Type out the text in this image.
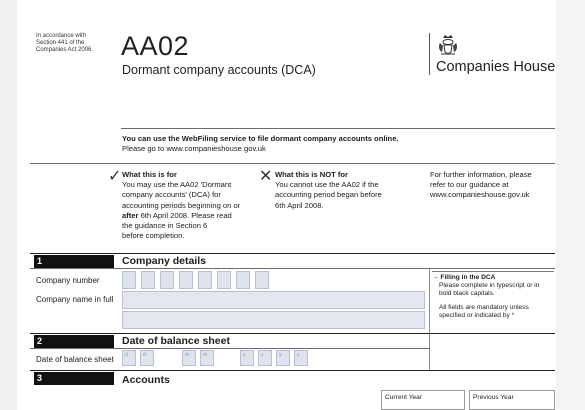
In accordance with
Section 441 of the
Companies Act 2006. AA02
Dormant company accounts (DCA)	Companies House
You can use the WebFiling service to file dormant company accounts online.
Please go to www.companieshouse.gov.uk
✓ What this is for
You may use the AA02 'Dormant
company accounts' (DCA) for
accounting periods beginning on or
after 6th April 2008. Please read
the guidance in Section 6
before completion.
✕ What this is NOT for
You cannot use the AA02 if the
accounting period began before
6th April 2008.
For further information, please
refer to our guidance at
www.companieshouse.gov.uk
1	Company details
Company number
Company name in full
→ Filling in the DCA
Please complete in typescript or in
bold black capitals.
All fields are mandatory unless
specified or indicated by *
2	Date of balance sheet
Date of balance sheet d	d	m	m	y	y	y	y
3	Accounts
Current Year	Previous Year
